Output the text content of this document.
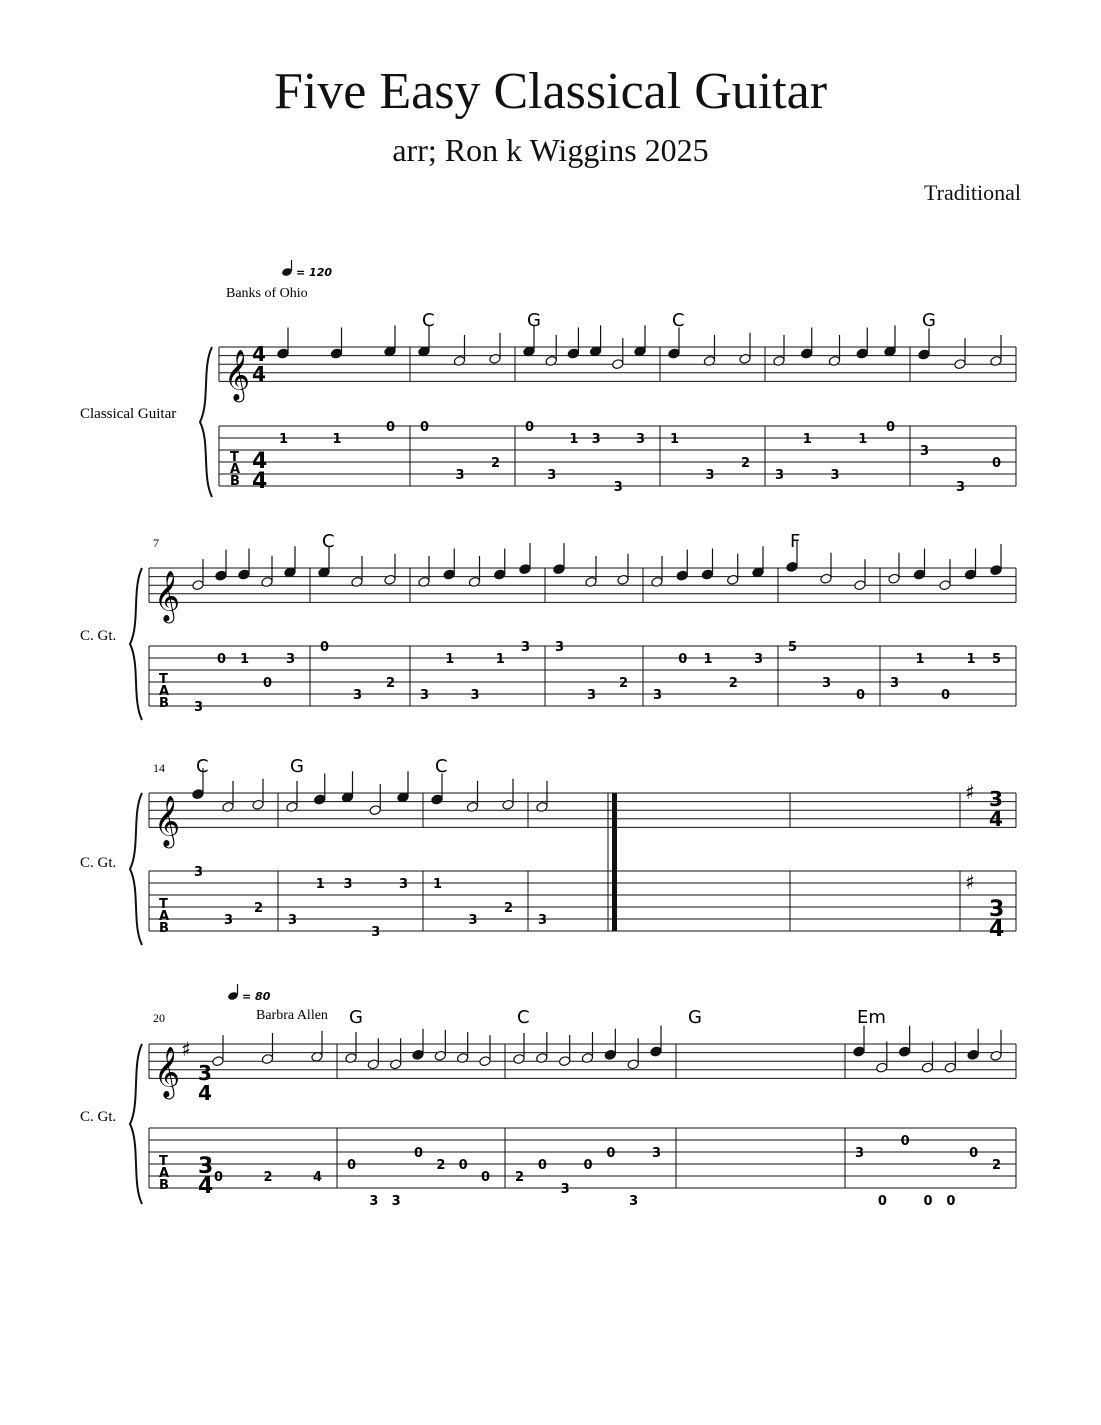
Five Easy Classical Guitar
arr; Ron k Wiggins 2025
Traditional
= 120
Banks of Ohio
Classical Guitar
7
C. Gt.
14
C. Gt.
= 80
20	Barbra Allen
C. Gt.
4
4
4
4
3
4
3
4
3
4
3
4
T
A
B
T
A
B
T
A
B
T
A
B
𝄞
1	1
0
C
0
3
2
G
0
3
1 3
3
3
C
1
3
2
3
1
3
1
0
G
3
3
0
𝄞
3
0 1
0
3
C
0
3
2
3
1
3
1
3 3
3
2
3
0 1
2
3
F
5
3
0
3
1
0
1 5
𝄞
♯
♯
C
3
3
2
G
3
1 3
3
3
C
1
3
2
3
𝄞 ♯
0	2	4
G
0
3 3
0
2 0
0
C
2
0
3
0
0
3
3
G	Em
3
0
0
0 0
0
2
